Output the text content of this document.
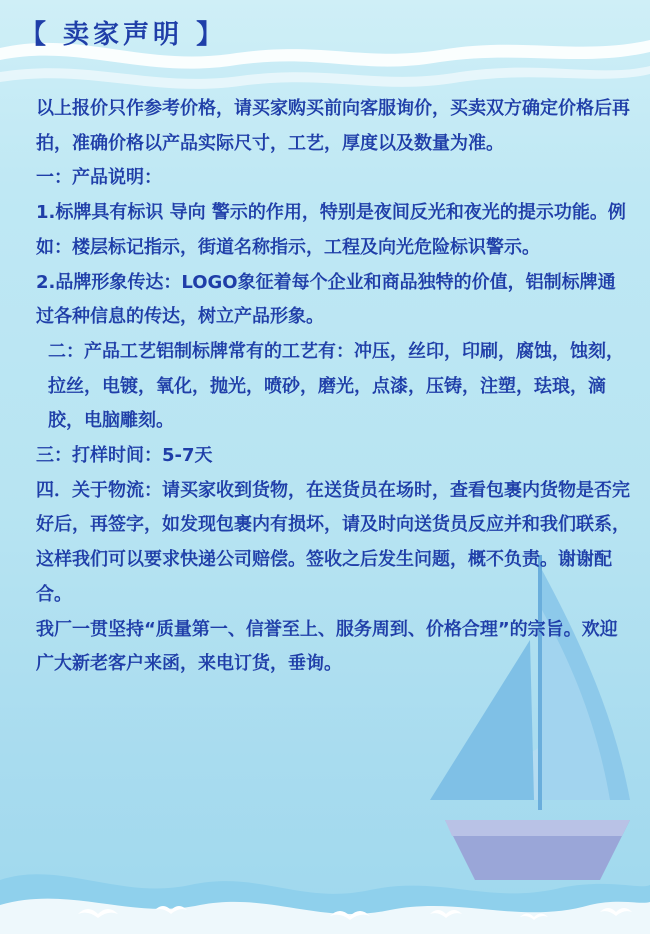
【 卖家声明 】

以上报价只作参考价格，请买家购买前向客服询价，买卖双方确定价格后再拍，准确价格以产品实际尺寸，工艺，厚度以及数量为准。

一：产品说明：

1.标牌具有标识 导向 警示的作用，特别是夜间反光和夜光的提示功能。例如：楼层标记指示，街道名称指示，工程及向光危险标识警示。

2.品牌形象传达：LOGO象征着每个企业和商品独特的价值，铝制标牌通过各种信息的传达，树立产品形象。

二：产品工艺铝制标牌常有的工艺有：冲压，丝印，印刷，腐蚀，蚀刻，拉丝，电镀，氧化，抛光，喷砂，磨光，点漆，压铸，注塑，珐琅，滴胶，电脑雕刻。

三：打样时间：5-7天

四．关于物流：请买家收到货物，在送货员在场时，查看包裹内货物是否完好后，再签字，如发现包裹内有损坏，请及时向送货员反应并和我们联系，这样我们可以要求快递公司赔偿。签收之后发生问题，概不负责。谢谢配合。

我厂一贯坚持“质量第一、信誉至上、服务周到、价格合理”的宗旨。欢迎广大新老客户来函，来电订货，垂询。
